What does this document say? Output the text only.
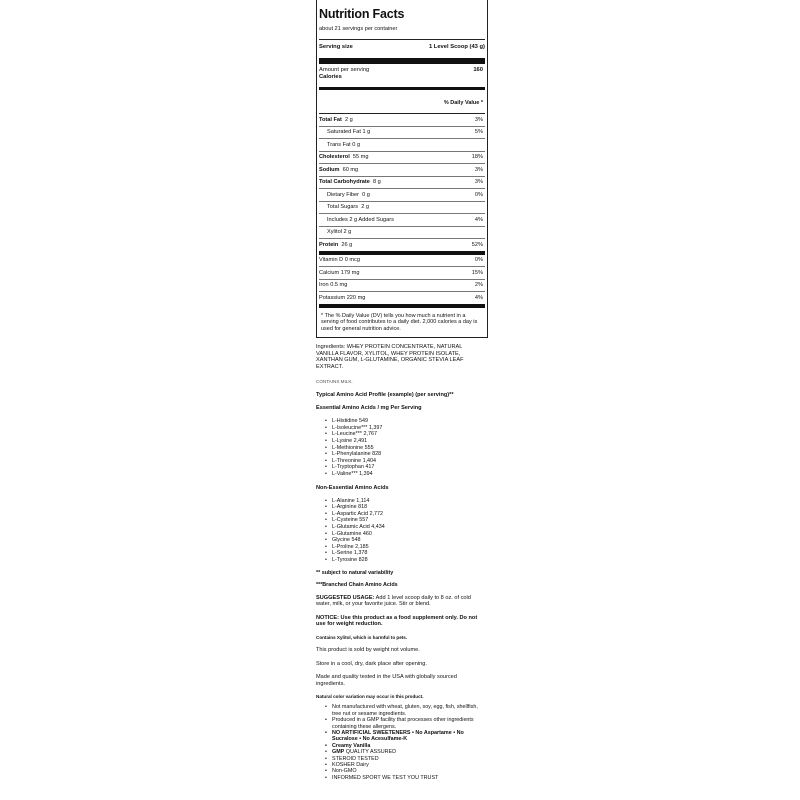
Nutrition Facts
about 21 servings per container
Serving size	1 Level Scoop (43 g)
Amount per serving
Calories
160
% Daily Value *
Total Fat 2 g	3%
Saturated Fat 1 g	5%
Trans Fat 0 g
Cholesterol 55 mg	18%
Sodium 60 mg	3%
Total Carbohydrate 8 g	3%
Dietary Fiber 0 g	0%
Total Sugars 2 g
Includes 2 g Added Sugars	4%
Xylitol 2 g
Protein 26 g	52%
Vitamin D 0 mcg	0%
Calcium 179 mg	15%
Iron 0.5 mg	2%
Potassium 220 mg	4%
* The % Daily Value (DV) tells you how much a nutrient in a serving of food contributes to a daily diet. 2,000 calories a day is used for general nutrition advice.
Ingredients: WHEY PROTEIN CONCENTRATE, NATURAL VANILLA FLAVOR, XYLITOL, WHEY PROTEIN ISOLATE, XANTHAN GUM, L-GLUTAMINE, ORGANIC STEVIA LEAF EXTRACT.
CONTAINS MILK.
Typical Amino Acid Profile (example) (per serving)**
Essential Amino Acids / mg Per Serving
• L-Histidine 549
• L-Isoleucine*** 1,397
• L-Leucine*** 2,767
• L-Lysine 2,491
• L-Methionine 555
• L-Phenylalanine 828
• L-Threonine 1,404
• L-Tryptophan 417
• L-Valine*** 1,394
Non-Essential Amino Acids
• L-Alanine 1,114
• L-Arginine 818
• L-Aspartic Acid 2,772
• L-Cysteine 557
• L-Glutamic Acid 4,434
• L-Glutamine 460
• Glycine 548
• L-Proline 2,185
• L-Serine 1,378
• L-Tyrosine 828
** subject to natural variability
***Branched Chain Amino Acids
SUGGESTED USAGE: Add 1 level scoop daily to 8 oz. of cold water, milk, or your favorite juice. Stir or blend.
NOTICE: Use this product as a food supplement only. Do not use for weight reduction.
Contains Xylitol, which is harmful to pets.
This product is sold by weight not volume.
Store in a cool, dry, dark place after opening.
Made and quality tested in the USA with globally sourced ingredients.
Natural color variation may occur in this product.
• Not manufactured with wheat, gluten, soy, egg, fish, shellfish, tree nut or sesame ingredients.
• Produced in a GMP facility that processes other ingredients containing these allergens.
• NO ARTIFICIAL SWEETENERS • No Aspartame • No Sucralose • No Acesulfame-K
• Creamy Vanilla
• GMP QUALITY ASSURED
• STEROID TESTED
• KOSHER Dairy
• Non-GMO
• INFORMED SPORT WE TEST YOU TRUST
